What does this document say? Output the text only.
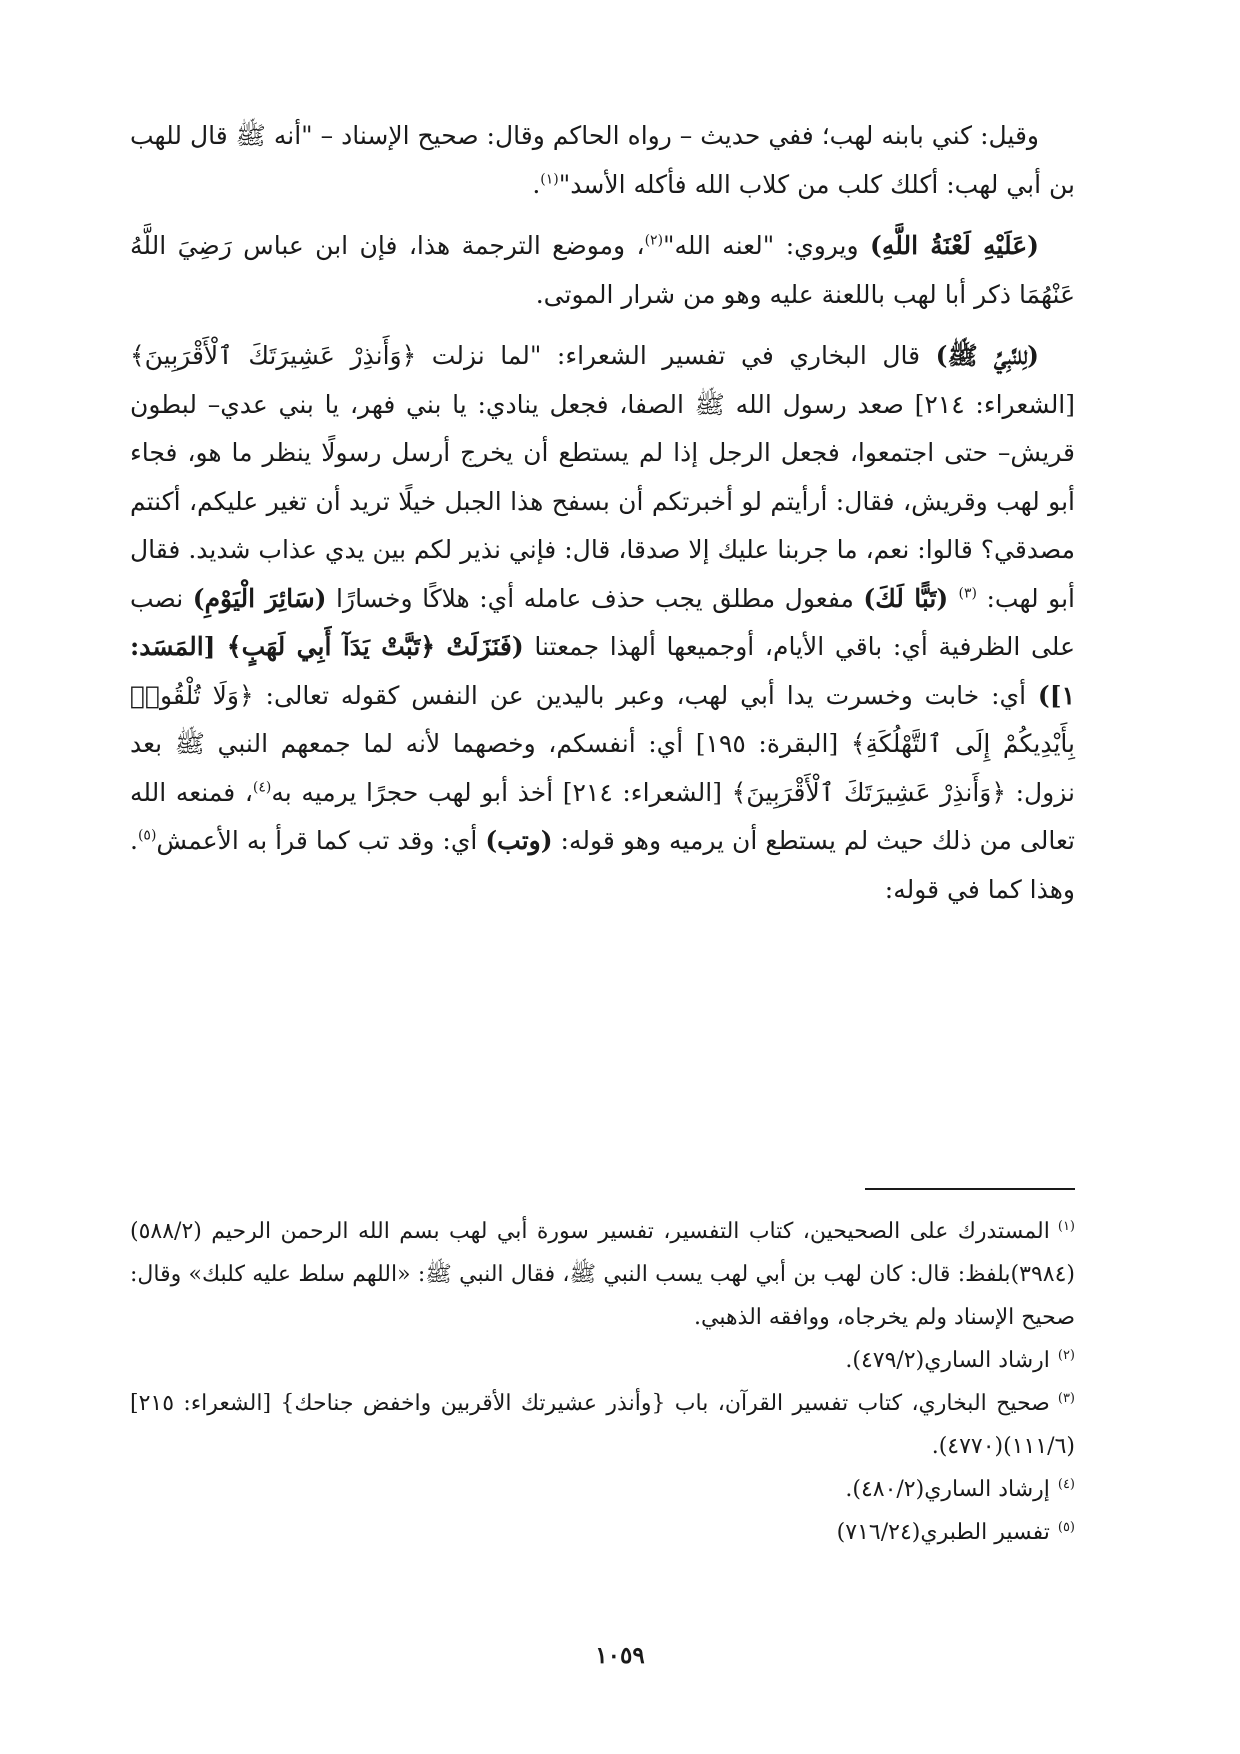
وقيل: كني بابنه لهب؛ ففي حديث – رواه الحاكم وقال: صحيح الإسناد – "أنه ﷺ قال للهب بن أبي لهب: أكلك كلب من كلاب الله فأكله الأسد"$^{(١)}$.

(عَلَيْهِ لَعْنَةُ اللَّهِ) ويروي: "لعنه الله"$^{(٢)}$، وموضع الترجمة هذا، فإن ابن عباس رَضِيَ اللَّهُ عَنْهُمَا ذكر أبا لهب باللعنة عليه وهو من شرار الموتى.

(لِلنَّبِيِّ ﷺ) قال البخاري في تفسير الشعراء: "لما نزلت ﴿وَأَنذِرْ عَشِيرَتَكَ ٱلْأَقْرَبِينَ﴾ [الشعراء: ٢١٤] صعد رسول الله ﷺ الصفا، فجعل ينادي: يا بني فهر، يا بني عدي– لبطون قريش– حتى اجتمعوا، فجعل الرجل إذا لم يستطع أن يخرج أرسل رسولًا ينظر ما هو، فجاء أبو لهب وقريش، فقال: أرأيتم لو أخبرتكم أن بسفح هذا الجبل خيلًا تريد أن تغير عليكم، أكنتم مصدقي؟ قالوا: نعم، ما جربنا عليك إلا صدقا، قال: فإني نذير لكم بين يدي عذاب شديد. فقال أبو لهب: $^{(٣)}$ (تَبًّا لَكَ) مفعول مطلق يجب حذف عامله أي: هلاكًا وخسارًا (سَائِرَ الْيَوْمِ) نصب على الظرفية أي: باقي الأيام، أوجميعها ألهذا جمعتنا (فَنَزَلَتْ ﴿تَبَّتْ يَدَآ أَبِي لَهَبٍ﴾ [المَسَد: ١]) أي: خابت وخسرت يدا أبي لهب، وعبر باليدين عن النفس كقوله تعالى: ﴿وَلَا تُلْقُوا۟ بِأَيْدِيكُمْ إِلَى ٱلتَّهْلُكَةِ﴾ [البقرة: ١٩٥] أي: أنفسكم، وخصهما لأنه لما جمعهم النبي ﷺ بعد نزول: ﴿وَأَنذِرْ عَشِيرَتَكَ ٱلْأَقْرَبِينَ﴾ [الشعراء: ٢١٤] أخذ أبو لهب حجرًا يرميه به$^{(٤)}$، فمنعه الله تعالى من ذلك حيث لم يستطع أن يرميه وهو قوله: (وتب) أي: وقد تب كما قرأ به الأعمش$^{(٥)}$. وهذا كما في قوله:

$^{(١)}$المستدرك على الصحيحين، كتاب التفسير، تفسير سورة أبي لهب بسم الله الرحمن الرحيم (٥٨٨/٢)(٣٩٨٤)بلفظ: قال: كان لهب بن أبي لهب يسب النبي ﷺ، فقال النبي ﷺ: «اللهم سلط عليه كلبك» وقال: صحيح الإسناد ولم يخرجاه، ووافقه الذهبي.

$^{(٢)}$ارشاد الساري(٤٧٩/٢).

$^{(٣)}$صحيح البخاري، كتاب تفسير القرآن، باب {وأنذر عشيرتك الأقربين واخفض جناحك} [الشعراء: ٢١٥] (١١١/٦)(٤٧٧٠).

$^{(٤)}$إرشاد الساري(٤٨٠/٢).

$^{(٥)}$تفسير الطبري(٧١٦/٢٤)

١٠٥٩
